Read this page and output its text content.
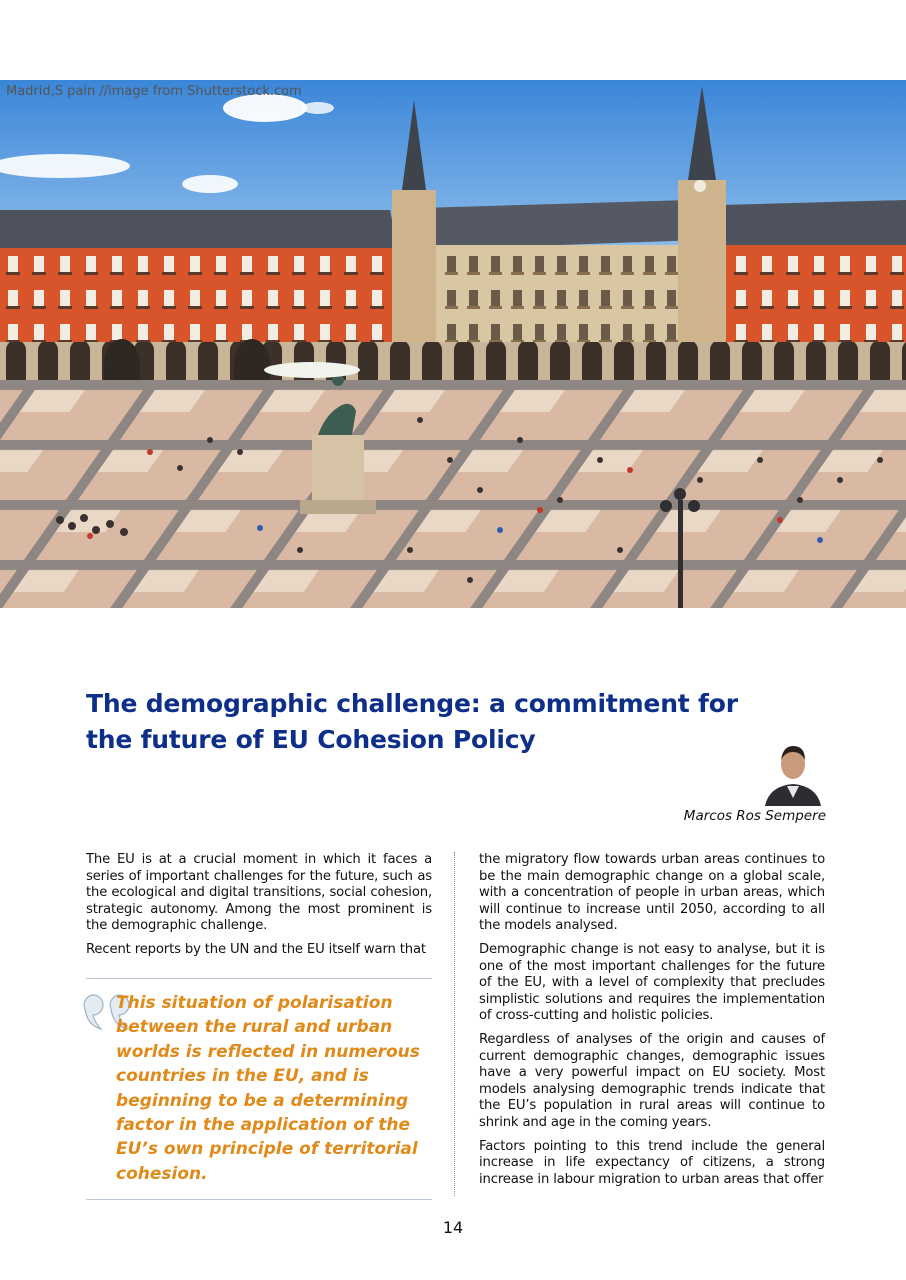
Madrid,S pain //image from Shutterstock.com
The demographic challenge: a commitment for the future of EU Cohesion Policy
Marcos Ros Sempere

The EU is at a crucial moment in which it faces a series of important challenges for the future, such as the ecological and digital transitions, social cohesion, strategic autonomy. Among the most prominent is the demographic challenge.

Recent reports by the UN and the EU itself warn that

This situation of polarisation between the rural and urban worlds is reflected in numerous countries in the EU, and is beginning to be a determining factor in the application of the EU’s own principle of territorial cohesion.

the migratory flow towards urban areas continues to be the main demographic change on a global scale, with a concentration of people in urban areas, which will continue to increase until 2050, according to all the models analysed.

Demographic change is not easy to analyse, but it is one of the most important challenges for the future of the EU, with a level of complexity that precludes simplistic solutions and requires the implementation of cross-cutting and holistic policies.

Regardless of analyses of the origin and causes of current demographic changes, demographic issues have a very powerful impact on EU society. Most models analysing demographic trends indicate that the EU’s population in rural areas will continue to shrink and age in the coming years.

Factors pointing to this trend include the general increase in life expectancy of citizens, a strong increase in labour migration to urban areas that offer

14
